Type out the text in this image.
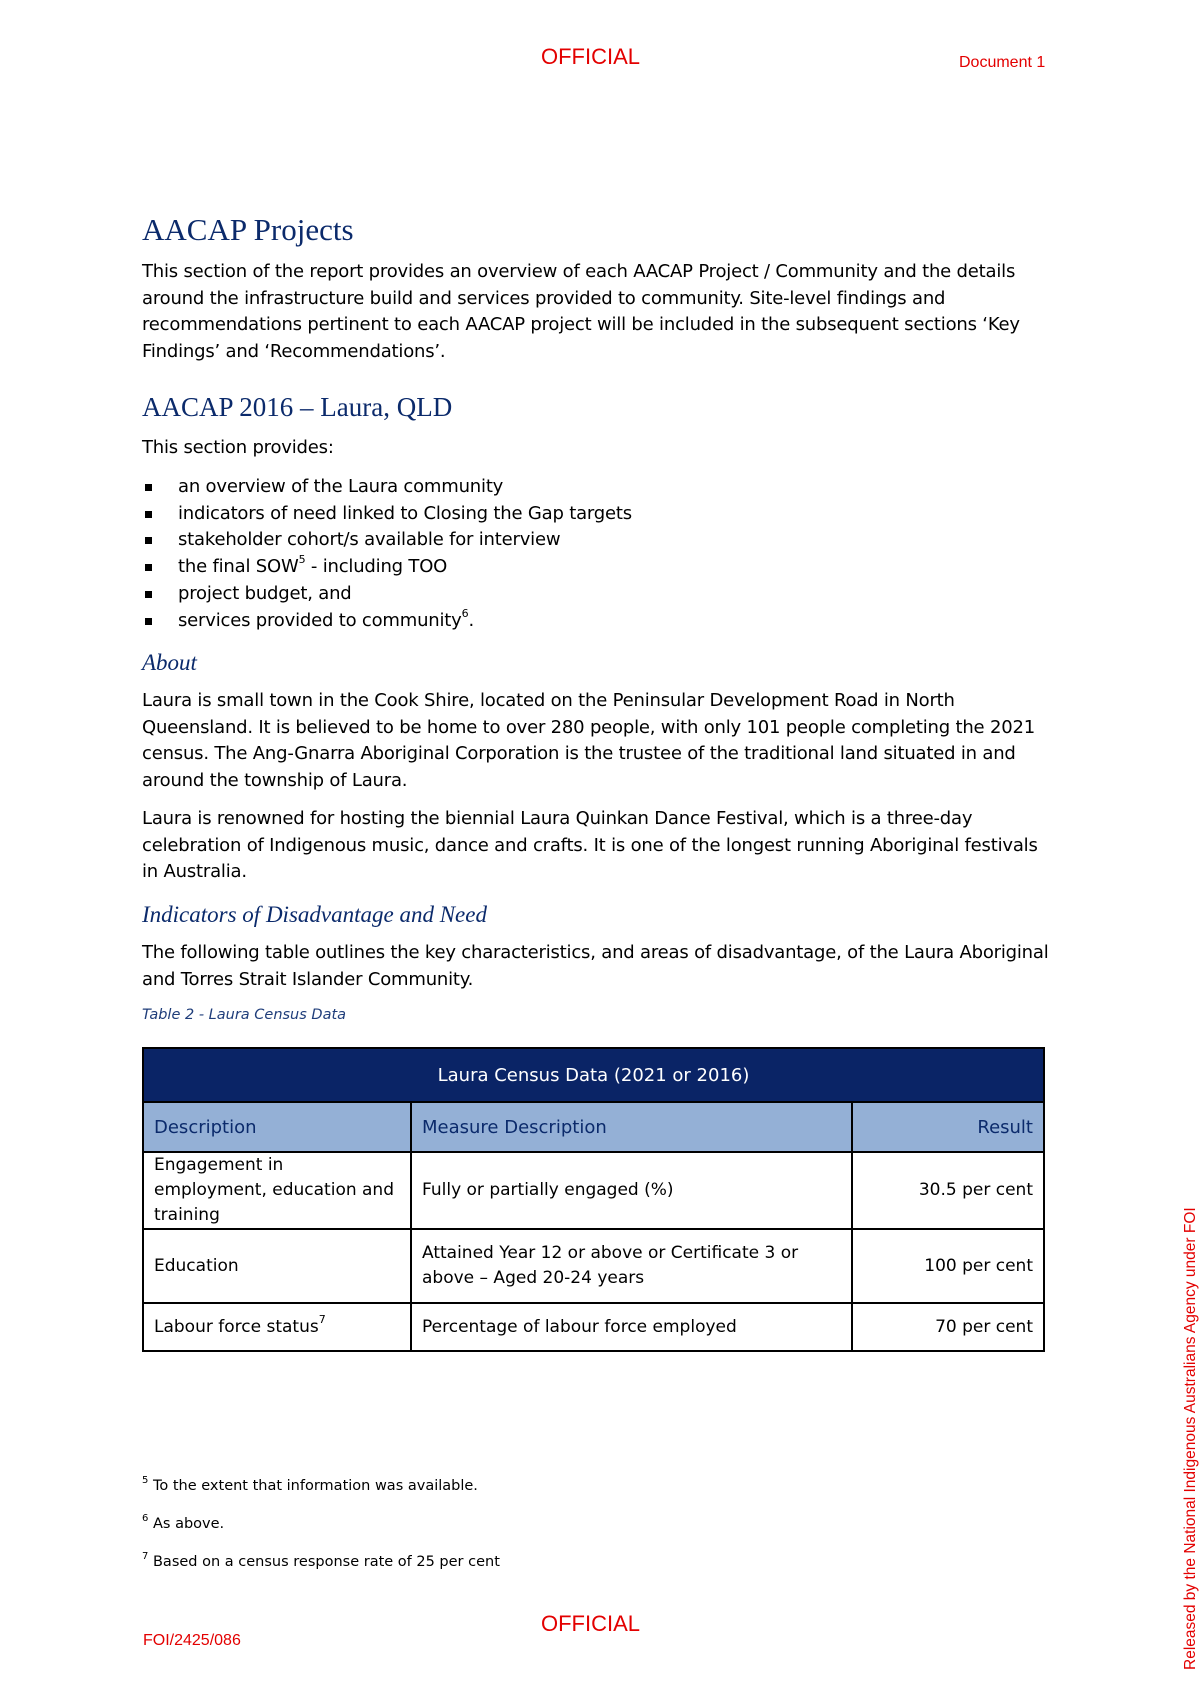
OFFICIAL	Document 1
AACAP Projects

This section of the report provides an overview of each AACAP Project / Community and the details around the infrastructure build and services provided to community. Site-level findings and recommendations pertinent to each AACAP project will be included in the subsequent sections ‘Key Findings’ and ‘Recommendations’.

AACAP 2016 – Laura, QLD

This section provides:

an overview of the Laura community
indicators of need linked to Closing the Gap targets
stakeholder cohort/s available for interview
the final SOW$^5$ - including TOO
project budget, and
services provided to community$^6$.
About

Laura is small town in the Cook Shire, located on the Peninsular Development Road in North Queensland. It is believed to be home to over 280 people, with only 101 people completing the 2021 census. The Ang-Gnarra Aboriginal Corporation is the trustee of the traditional land situated in and around the township of Laura.

Laura is renowned for hosting the biennial Laura Quinkan Dance Festival, which is a three-day celebration of Indigenous music, dance and crafts. It is one of the longest running Aboriginal festivals in Australia.

Indicators of Disadvantage and Need

The following table outlines the key characteristics, and areas of disadvantage, of the Laura Aboriginal and Torres Strait Islander Community.

Table 2 - Laura Census Data
Laura Census Data (2021 or 2016)		
Description	Measure Description	Result
Engagement in employment, education and training	Fully or partially engaged (%)	30.5 per cent
Education	Attained Year 12 or above or Certificate 3 or above – Aged 20-24 years	100 per cent
Labour force status$^7$	Percentage of labour force employed	70 per cent
$^5$ To the extent that information was available.
$^6$ As above.
$^7$ Based on a census response rate of 25 per cent
OFFICIAL
FOI/2425/086	Released by the National Indigenous Australians Agency under FOI
